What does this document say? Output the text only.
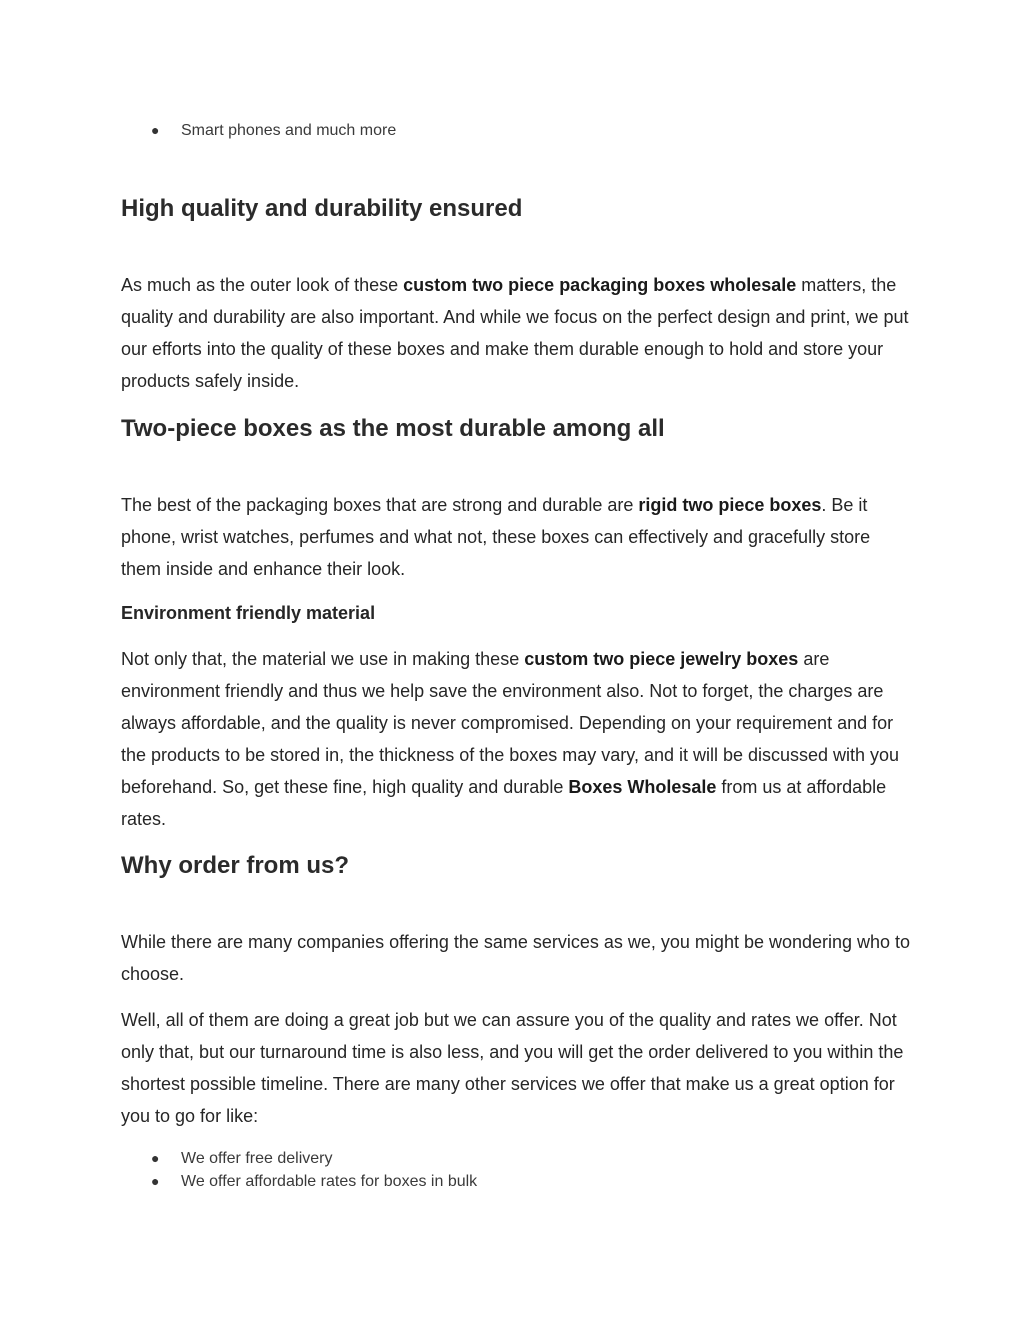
● Smart phones and much more
High quality and durability ensured

As much as the outer look of these custom two piece packaging boxes wholesale matters, the quality and durability are also important. And while we focus on the perfect design and print, we put our efforts into the quality of these boxes and make them durable enough to hold and store your products safely inside.

Two-piece boxes as the most durable among all

The best of the packaging boxes that are strong and durable are rigid two piece boxes. Be it phone, wrist watches, perfumes and what not, these boxes can effectively and gracefully store them inside and enhance their look.

Environment friendly material

Not only that, the material we use in making these custom two piece jewelry boxes are environment friendly and thus we help save the environment also. Not to forget, the charges are always affordable, and the quality is never compromised. Depending on your requirement and for the products to be stored in, the thickness of the boxes may vary, and it will be discussed with you beforehand. So, get these fine, high quality and durable Boxes Wholesale from us at affordable rates.

Why order from us?

While there are many companies offering the same services as we, you might be wondering who to choose.

Well, all of them are doing a great job but we can assure you of the quality and rates we offer. Not only that, but our turnaround time is also less, and you will get the order delivered to you within the shortest possible timeline. There are many other services we offer that make us a great option for you to go for like:

● We offer free delivery
● We offer affordable rates for boxes in bulk
